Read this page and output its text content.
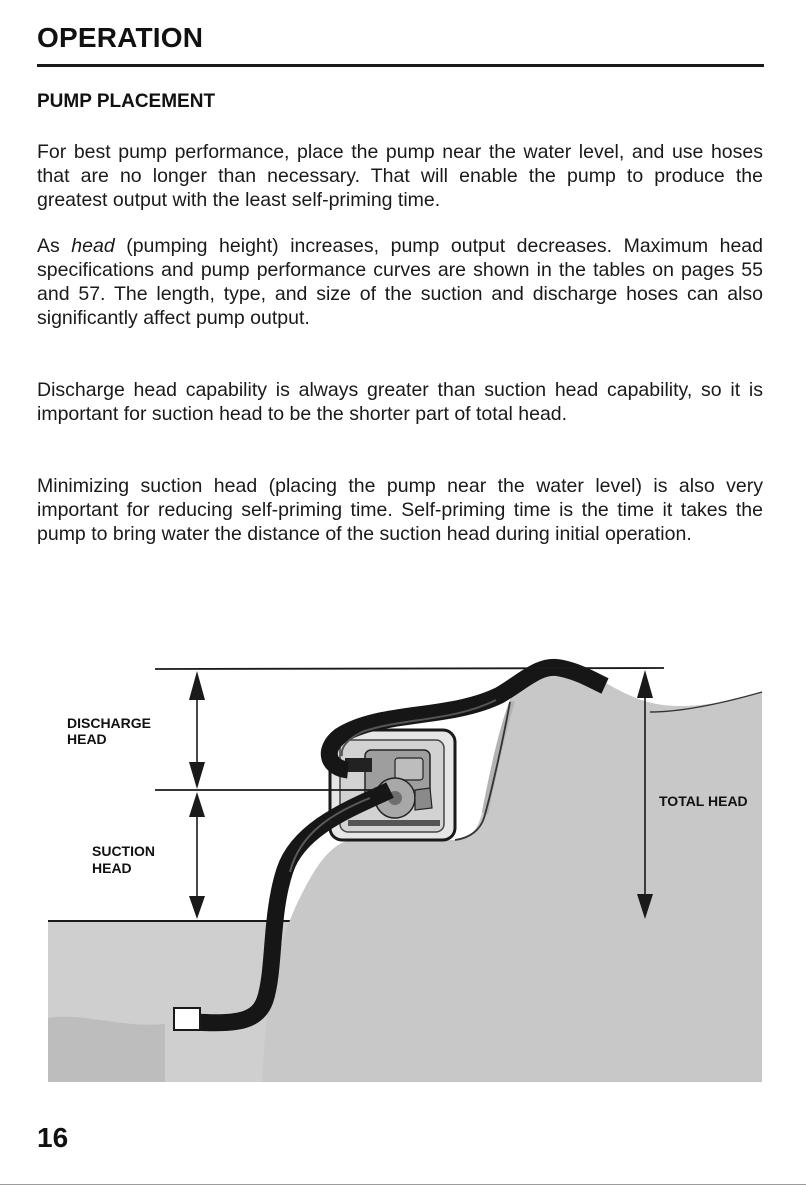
OPERATION
PUMP PLACEMENT

For best pump performance, place the pump near the water level, and use hoses that are no longer than necessary. That will enable the pump to produce the greatest output with the least self-priming time.

As head (pumping height) increases, pump output decreases. Maximum head specifications and pump performance curves are shown in the tables on pages 55 and 57. The length, type, and size of the suction and discharge hoses can also significantly affect pump output.

Discharge head capability is always greater than suction head capability, so it is important for suction head to be the shorter part of total head.

Minimizing suction head (placing the pump near the water level) is also very important for reducing self-priming time. Self-priming time is the time it takes the pump to bring water the distance of the suction head during initial operation.

DISCHARGE
HEAD
SUCTION
HEAD
TOTAL HEAD

16
